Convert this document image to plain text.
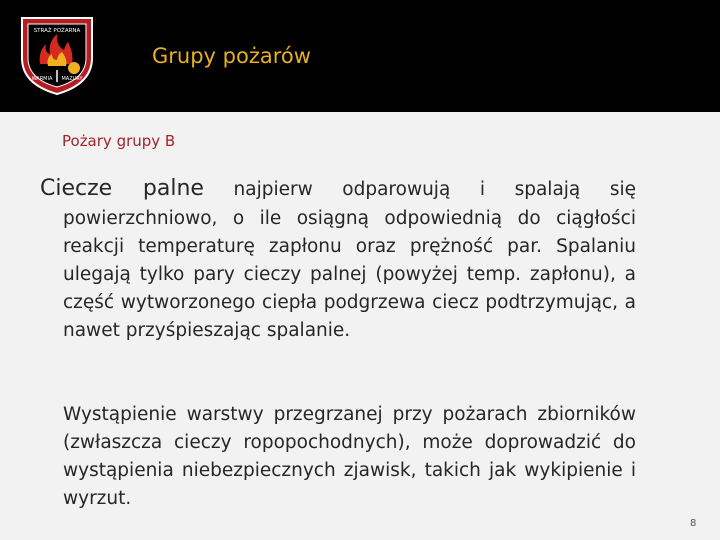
STRAŻ POŻARNA
WARMIA MAZURY
Grupy pożarów
Pożary grupy B

Ciecze palne najpierw odparowują i spalają się

powierzchniowo, o ile osiągną odpowiednią do ciągłości reakcji temperaturę zapłonu oraz prężność par. Spalaniu ulegają tylko pary cieczy palnej (powyżej temp. zapłonu), a część wytworzonego ciepła podgrzewa ciecz podtrzymując, a nawet przyśpieszając spalanie.

Wystąpienie warstwy przegrzanej przy pożarach zbiorników (zwłaszcza cieczy ropopochodnych), może doprowadzić do wystąpienia niebezpiecznych zjawisk, takich jak wykipienie i wyrzut.

8
